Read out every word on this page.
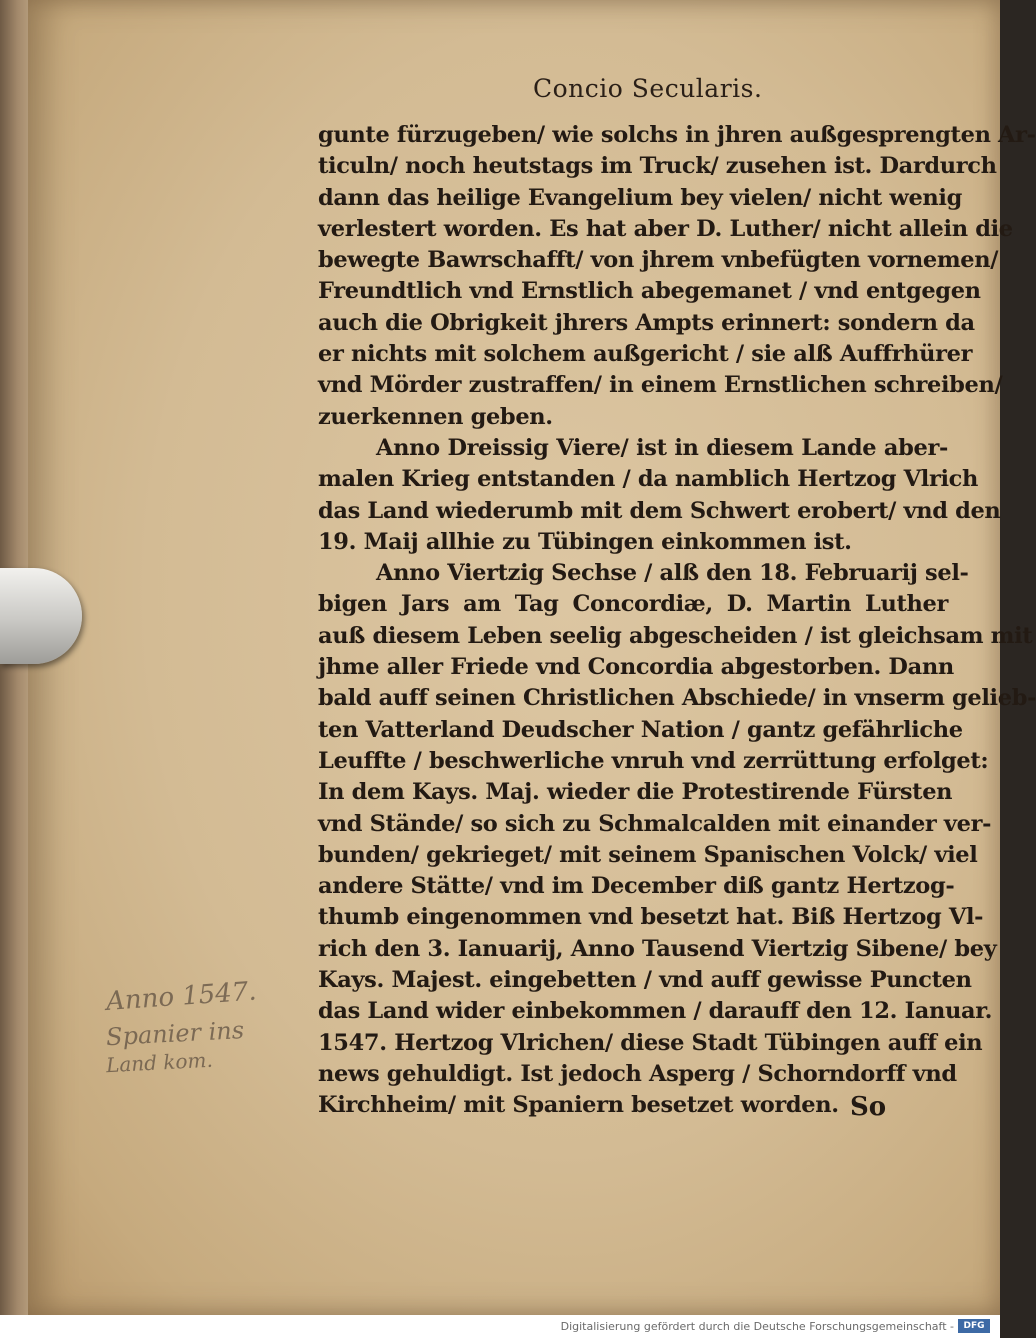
Concio Secularis.
gunte fürzugeben/ wie solchs in jhren außgesprengten Ar-
ticuln/ noch heutstags im Truck/ zusehen ist. Dardurch
dann das heilige Evangelium bey vielen/ nicht wenig
verlestert worden. Es hat aber D. Luther/ nicht allein die
bewegte Bawrschafft/ von jhrem vnbefügten vornemen/
Freundtlich vnd Ernstlich abegemanet / vnd entgegen
auch die Obrigkeit jhrers Ampts erinnert: sondern da
er nichts mit solchem außgericht / sie alß Auffrhürer
vnd Mörder zustraffen/ in einem Ernstlichen schreiben/
zuerkennen geben.
Anno Dreissig Viere/ ist in diesem Lande aber-
malen Krieg entstanden / da namblich Hertzog Vlrich
das Land wiederumb mit dem Schwert erobert/ vnd den
19. Maij allhie zu Tübingen einkommen ist.
Anno Viertzig Sechse / alß den 18. Februarij sel-
bigen Jars am Tag Concordiæ, D. Martin Luther
auß diesem Leben seelig abgescheiden / ist gleichsam mit
jhme aller Friede vnd Concordia abgestorben. Dann
bald auff seinen Christlichen Abschiede/ in vnserm gelieb-
ten Vatterland Deudscher Nation / gantz gefährliche
Leuffte / beschwerliche vnruh vnd zerrüttung erfolget:
In dem Kays. Maj. wieder die Protestirende Fürsten
vnd Stände/ so sich zu Schmalcalden mit einander ver-
bunden/ gekrieget/ mit seinem Spanischen Volck/ viel
andere Stätte/ vnd im December diß gantz Hertzog-
thumb eingenommen vnd besetzt hat. Biß Hertzog Vl-
rich den 3. Ianuarij, Anno Tausend Viertzig Sibene/ bey
Kays. Majest. eingebetten / vnd auff gewisse Puncten
das Land wider einbekommen / darauff den 12. Ianuar.
1547. Hertzog Vlrichen/ diese Stadt Tübingen auff ein
news gehuldigt. Ist jedoch Asperg / Schorndorff vnd
Kirchheim/ mit Spaniern besetzet worden. So
Anno 1547.
Spanier ins
Land kom.
Digitalisierung gefördert durch die Deutsche Forschungsgemeinschaft -	DFG
